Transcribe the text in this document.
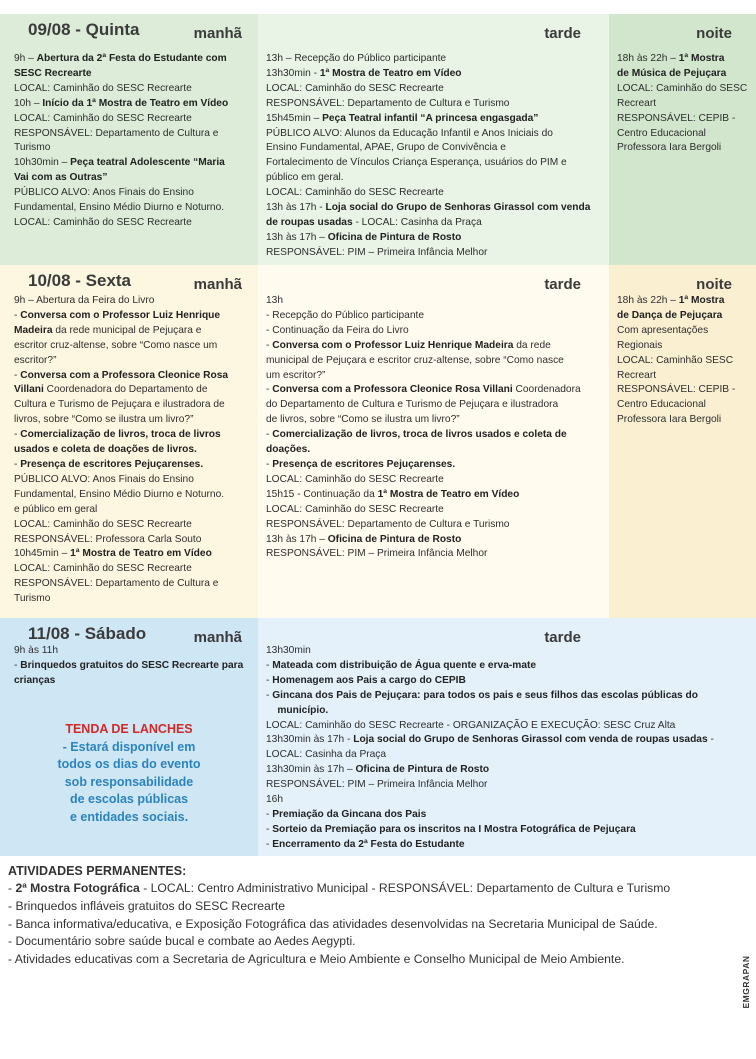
09/08 - Quinta	manhã
9h – Abertura da 2ª Festa do Estudante com
SESC Recrearte
LOCAL: Caminhão do SESC Recrearte
10h – Início da 1ª Mostra de Teatro em Vídeo
LOCAL: Caminhão do SESC Recrearte
RESPONSÁVEL: Departamento de Cultura e
Turismo
10h30min – Peça teatral Adolescente “Maria
Vai com as Outras”
PÚBLICO ALVO: Anos Finais do Ensino
Fundamental, Ensino Médio Diurno e Noturno.
LOCAL: Caminhão do SESC Recrearte
tarde
13h – Recepção do Público participante
13h30min - 1ª Mostra de Teatro em Vídeo
LOCAL: Caminhão do SESC Recrearte
RESPONSÁVEL: Departamento de Cultura e Turismo
15h45min – Peça Teatral infantil “A princesa engasgada”
PÚBLICO ALVO: Alunos da Educação Infantil e Anos Iniciais do
Ensino Fundamental, APAE, Grupo de Convivência e
Fortalecimento de Vínculos Criança Esperança, usuários do PIM e
público em geral.
LOCAL: Caminhão do SESC Recrearte
13h às 17h - Loja social do Grupo de Senhoras Girassol com venda
de roupas usadas - LOCAL: Casinha da Praça
13h às 17h – Oficina de Pintura de Rosto
RESPONSÁVEL: PIM – Primeira Infância Melhor
noite
18h às 22h – 1ª Mostra
de Música de Pejuçara
LOCAL: Caminhão do SESC
Recreart
RESPONSÁVEL: CEPIB -
Centro Educacional
Professora Iara Bergoli
10/08 - Sexta	manhã
9h – Abertura da Feira do Livro
- Conversa com o Professor Luiz Henrique
Madeira da rede municipal de Pejuçara e
escritor cruz-altense, sobre “Como nasce um
escritor?”
- Conversa com a Professora Cleonice Rosa
Villani Coordenadora do Departamento de
Cultura e Turismo de Pejuçara e ilustradora de
livros, sobre “Como se ilustra um livro?”
- Comercialização de livros, troca de livros
usados e coleta de doações de livros.
- Presença de escritores Pejuçarenses.
PÚBLICO ALVO: Anos Finais do Ensino
Fundamental, Ensino Médio Diurno e Noturno.
e público em geral
LOCAL: Caminhão do SESC Recrearte
RESPONSÁVEL: Professora Carla Souto
10h45min – 1ª Mostra de Teatro em Vídeo
LOCAL: Caminhão do SESC Recrearte
RESPONSÁVEL: Departamento de Cultura e
Turismo
tarde
13h
- Recepção do Público participante
- Continuação da Feira do Livro
- Conversa com o Professor Luiz Henrique Madeira da rede
municipal de Pejuçara e escritor cruz-altense, sobre “Como nasce
um escritor?”
- Conversa com a Professora Cleonice Rosa Villani Coordenadora
do Departamento de Cultura e Turismo de Pejuçara e ilustradora
de livros, sobre “Como se ilustra um livro?”
- Comercialização de livros, troca de livros usados e coleta de
doações.
- Presença de escritores Pejuçarenses.
LOCAL: Caminhão do SESC Recrearte
15h15 - Continuação da 1ª Mostra de Teatro em Vídeo
LOCAL: Caminhão do SESC Recrearte
RESPONSÁVEL: Departamento de Cultura e Turismo
13h às 17h – Oficina de Pintura de Rosto
RESPONSÁVEL: PIM – Primeira Infância Melhor
noite
18h às 22h – 1ª Mostra
de Dança de Pejuçara
Com apresentações
Regionais
LOCAL: Caminhão SESC
Recreart
RESPONSÁVEL: CEPIB -
Centro Educacional
Professora Iara Bergoli
11/08 - Sábado	manhã
9h às 11h
- Brinquedos gratuitos do SESC Recrearte para
crianças
TENDA DE LANCHES
- Estará disponível em
todos os dias do evento
sob responsabilidade
de escolas públicas
e entidades sociais.
tarde
13h30min
- Mateada com distribuição de Água quente e erva-mate
- Homenagem aos Pais a cargo do CEPIB
- Gincana dos Pais de Pejuçara: para todos os pais e seus filhos das escolas públicas do
município.
LOCAL: Caminhão do SESC Recrearte - ORGANIZAÇÃO E EXECUÇÃO: SESC Cruz Alta
13h30min às 17h - Loja social do Grupo de Senhoras Girassol com venda de roupas usadas -
LOCAL: Casinha da Praça
13h30min às 17h – Oficina de Pintura de Rosto
RESPONSÁVEL: PIM – Primeira Infância Melhor
16h
- Premiação da Gincana dos Pais
- Sorteio da Premiação para os inscritos na I Mostra Fotográfica de Pejuçara
- Encerramento da 2ª Festa do Estudante
ATIVIDADES PERMANENTES:
- 2ª Mostra Fotográfica - LOCAL: Centro Administrativo Municipal - RESPONSÁVEL: Departamento de Cultura e Turismo
- Brinquedos infláveis gratuitos do SESC Recrearte
- Banca informativa/educativa, e Exposição Fotográfica das atividades desenvolvidas na Secretaria Municipal de Saúde.
- Documentário sobre saúde bucal e combate ao Aedes Aegypti.
- Atividades educativas com a Secretaria de Agricultura e Meio Ambiente e Conselho Municipal de Meio Ambiente.	EMGRAPAN
